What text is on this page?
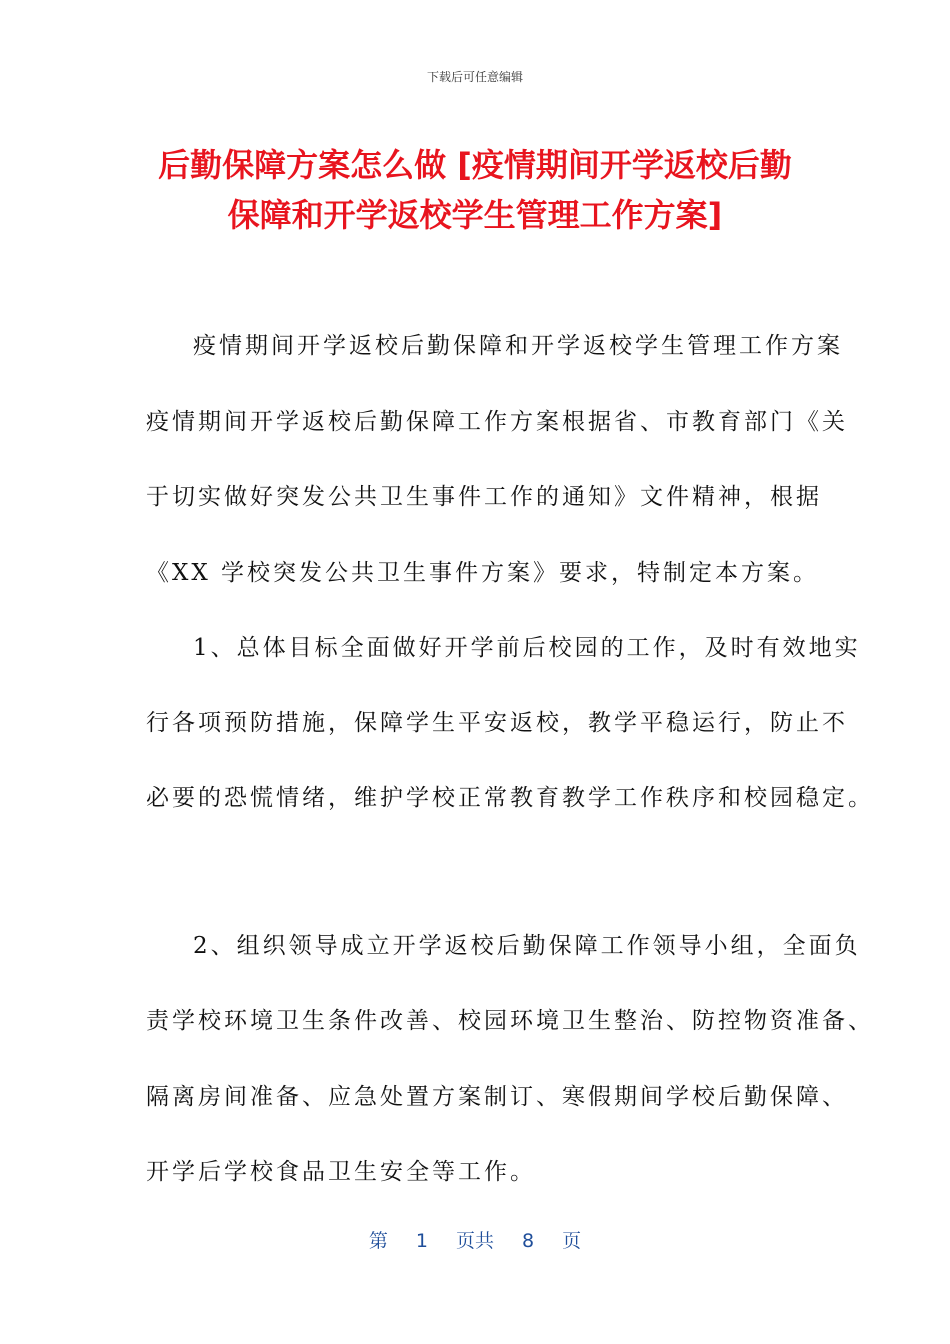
下载后可任意编辑
后勤保障方案怎么做 [疫情期间开学返校后勤
保障和开学返校学生管理工作方案]
疫情期间开学返校后勤保障和开学返校学生管理工作方案
疫情期间开学返校后勤保障工作方案根据省、市教育部门《关
于切实做好突发公共卫生事件工作的通知》文件精神，根据
《XX 学校突发公共卫生事件方案》要求，特制定本方案。
1、总体目标全面做好开学前后校园的工作，及时有效地实
行各项预防措施，保障学生平安返校，教学平稳运行，防止不
必要的恐慌情绪，维护学校正常教育教学工作秩序和校园稳定。
2、组织领导成立开学返校后勤保障工作领导小组，全面负
责学校环境卫生条件改善、校园环境卫生整治、防控物资准备、
隔离房间准备、应急处置方案制订、寒假期间学校后勤保障、
开学后学校食品卫生安全等工作。
第 1 页共 8 页
